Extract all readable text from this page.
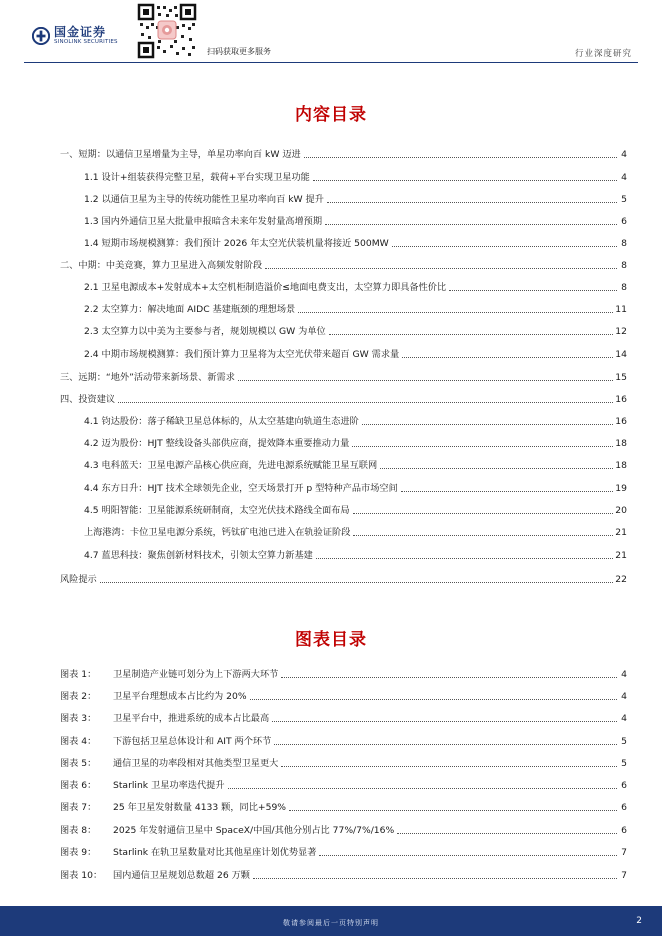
国金证券
SINOLINK SECURITIES
扫码获取更多服务	行业深度研究
内容目录
一、短期：以通信卫星增量为主导，单星功率向百 kW 迈进	4
1.1 设计+组装获得完整卫星，载荷+平台实现卫星功能	4
1.2 以通信卫星为主导的传统功能性卫星功率向百 kW 提升	5
1.3 国内外通信卫星大批量申报暗含未来年发射量高增预期	6
1.4 短期市场规模测算：我们预计 2026 年太空光伏装机量将接近 500MW	8
二、中期：中美竞赛，算力卫星进入高频发射阶段	8
2.1 卫星电源成本+发射成本+太空机柜制造溢价≤地面电费支出，太空算力即具备性价比	8
2.2 太空算力：解决地面 AIDC 基建瓶颈的理想场景	11
2.3 太空算力以中美为主要参与者，规划规模以 GW 为单位	12
2.4 中期市场规模测算：我们预计算力卫星将为太空光伏带来超百 GW 需求量	14
三、远期：“地外”活动带来新场景、新需求	15
四、投资建议	16
4.1 钧达股份：落子稀缺卫星总体标的，从太空基建向轨道生态进阶	16
4.2 迈为股份：HJT 整线设备头部供应商，提效降本重要推动力量	18
4.3 电科蓝天：卫星电源产品核心供应商，先进电源系统赋能卫星互联网	18
4.4 东方日升：HJT 技术全球领先企业，空天场景打开 p 型特种产品市场空间	19
4.5 明阳智能：卫星能源系统研制商，太空光伏技术路线全面布局	20
上海港湾：卡位卫星电源分系统，钙钛矿电池已进入在轨验证阶段	21
4.7 蓝思科技：聚焦创新材料技术，引领太空算力新基建	21
风险提示	22
图表目录
图表 1：	卫星制造产业链可划分为上下游两大环节	4
图表 2：	卫星平台理想成本占比约为 20%	4
图表 3：	卫星平台中，推进系统的成本占比最高	4
图表 4：	下游包括卫星总体设计和 AIT 两个环节	5
图表 5：	通信卫星的功率段相对其他类型卫星更大	5
图表 6：	Starlink 卫星功率迭代提升	6
图表 7：	25 年卫星发射数量 4133 颗，同比+59%	6
图表 8：	2025 年发射通信卫星中 SpaceX/中国/其他分别占比 77%/7%/16%	6
图表 9：	Starlink 在轨卫星数量对比其他星座计划优势显著	7
图表 10：	国内通信卫星规划总数超 26 万颗	7
敬请参阅最后一页特别声明	2
